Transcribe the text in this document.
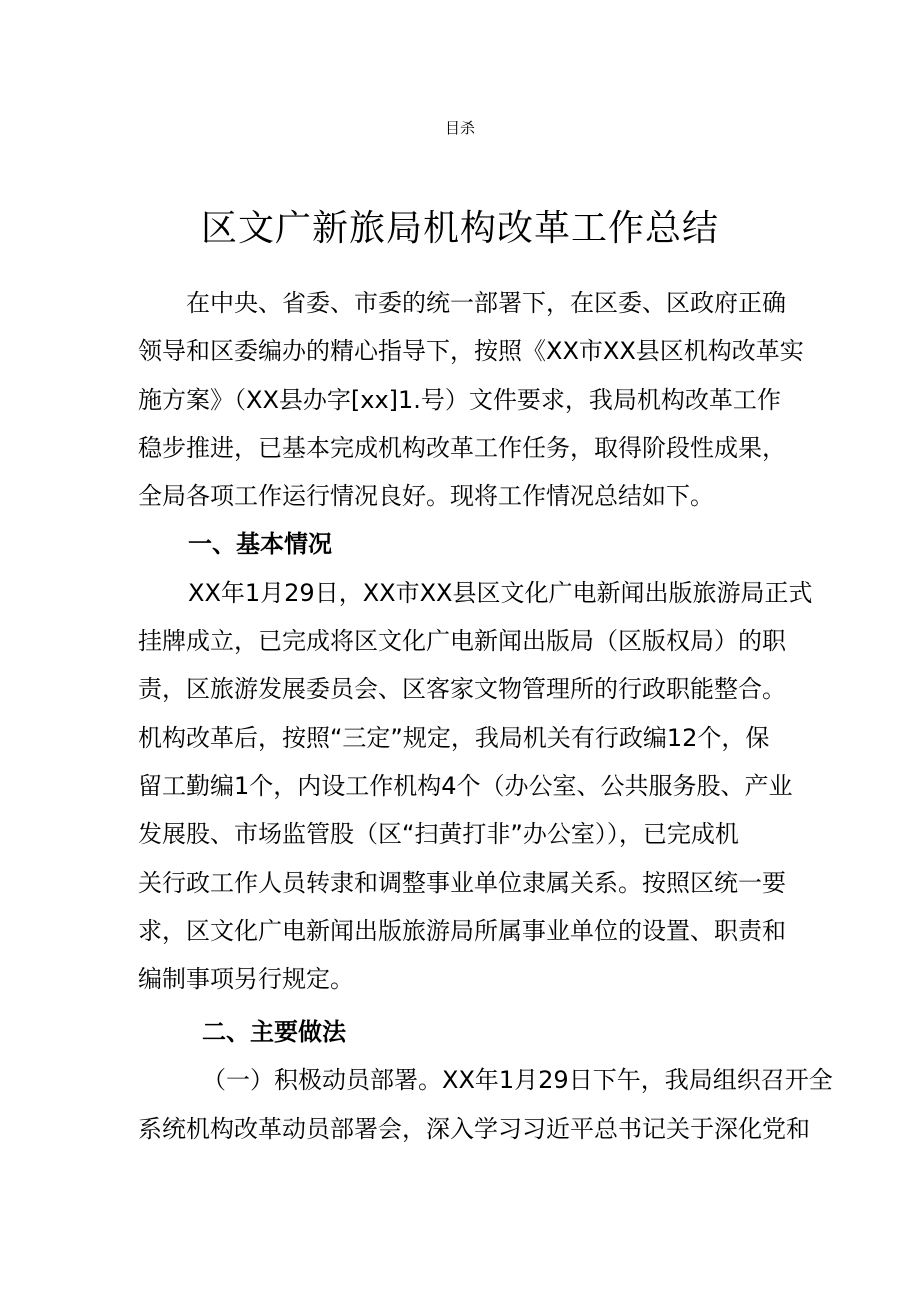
目杀
区文广新旅局机构改革工作总结
在中央、省委、市委的统一部署下，在区委、区政府正确
领导和区委编办的精心指导下，按照《XX市XX县区机构改革实
施方案》（XX县办字[xx]1.号）文件要求，我局机构改革工作
稳步推进，已基本完成机构改革工作任务，取得阶段性成果，
全局各项工作运行情况良好。现将工作情况总结如下。
一、基本情况
XX年1月29日，XX市XX县区文化广电新闻出版旅游局正式
挂牌成立，已完成将区文化广电新闻出版局（区版权局）的职
责，区旅游发展委员会、区客家文物管理所的行政职能整合。
机构改革后，按照“三定”规定，我局机关有行政编12个，保
留工勤编1个，内设工作机构4个（办公室、公共服务股、产业
发展股、市场监管股（区“扫黄打非”办公室）），已完成机
关行政工作人员转隶和调整事业单位隶属关系。按照区统一要
求，区文化广电新闻出版旅游局所属事业单位的设置、职责和
编制事项另行规定。
二、主要做法
（一）积极动员部署。XX年1月29日下午，我局组织召开全
系统机构改革动员部署会，深入学习习近平总书记关于深化党和
